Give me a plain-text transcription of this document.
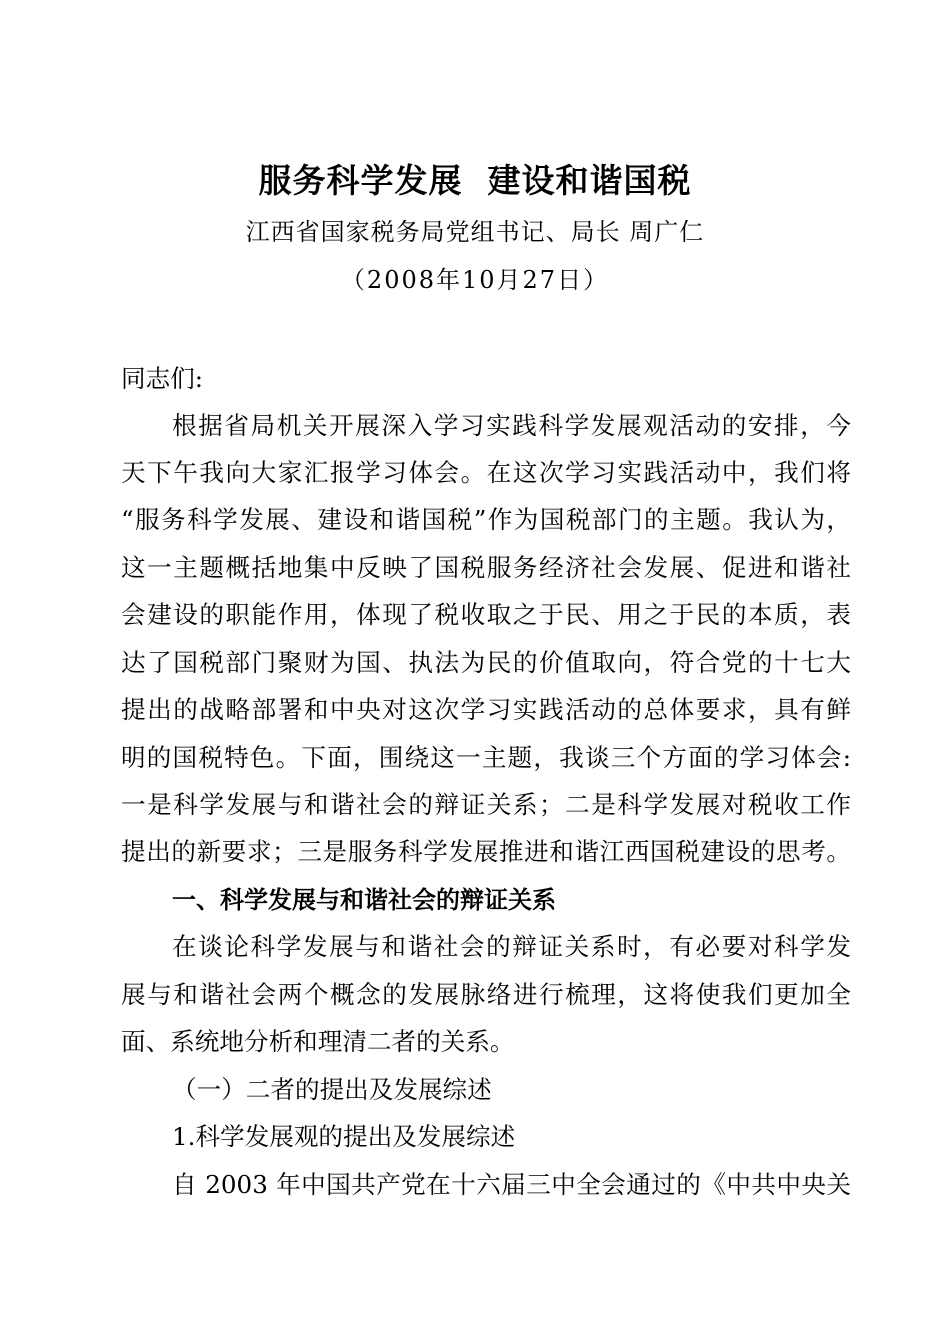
服务科学发展  建设和谐国税
江西省国家税务局党组书记、局长 周广仁
（2008年10月27日）
同志们:
根据省局机关开展深入学习实践科学发展观活动的安排，今
天下午我向大家汇报学习体会。在这次学习实践活动中，我们将
“服务科学发展、建设和谐国税”作为国税部门的主题。我认为，
这一主题概括地集中反映了国税服务经济社会发展、促进和谐社
会建设的职能作用，体现了税收取之于民、用之于民的本质，表
达了国税部门聚财为国、执法为民的价值取向，符合党的十七大
提出的战略部署和中央对这次学习实践活动的总体要求，具有鲜
明的国税特色。下面，围绕这一主题，我谈三个方面的学习体会:
一是科学发展与和谐社会的辩证关系；二是科学发展对税收工作
提出的新要求；三是服务科学发展推进和谐江西国税建设的思考。
一、科学发展与和谐社会的辩证关系
在谈论科学发展与和谐社会的辩证关系时，有必要对科学发
展与和谐社会两个概念的发展脉络进行梳理，这将使我们更加全
面、系统地分析和理清二者的关系。
（一）二者的提出及发展综述
1.科学发展观的提出及发展综述
自 2003 年中国共产党在十六届三中全会通过的《中共中央关
